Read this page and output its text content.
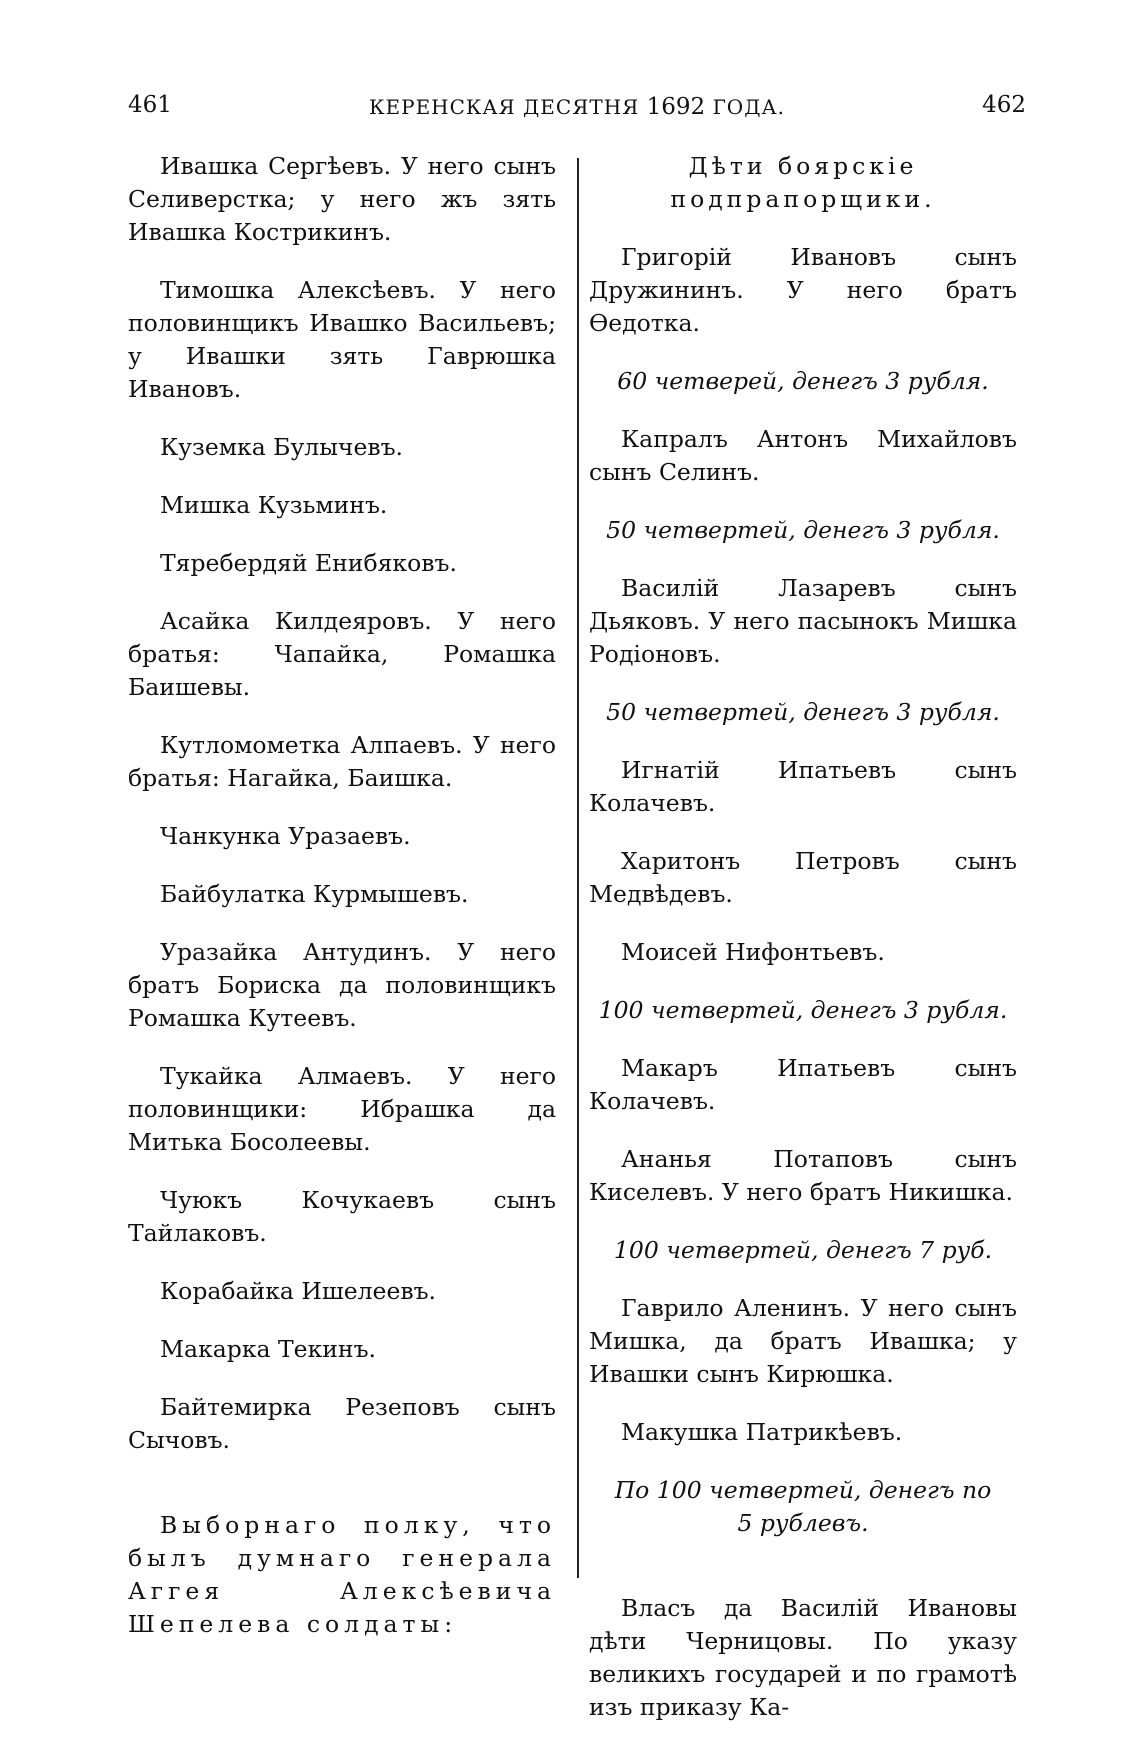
461	КЕРЕНСКАЯ ДЕСЯТНЯ 1692 ГОДА.	462

Ивашка Сергѣевъ. У него сынъ Селиверстка; у него жъ зять Ивашка Кострикинъ.

Тимошка Алексѣевъ. У него половинщикъ Ивашко Васильевъ; у Ивашки зять Гаврюшка Ивановъ.

Куземка Булычевъ.

Мишка Кузьминъ.

Тяребердяй Енибяковъ.

Асайка Килдеяровъ. У него братья: Чапайка, Ромашка Баишевы.

Кутломометка Алпаевъ. У него братья: Нагайка, Баишка.

Чанкунка Уразаевъ.

Байбулатка Курмышевъ.

Уразайка Антудинъ. У него братъ Бориска да половинщикъ Ромашка Кутеевъ.

Тукайка Алмаевъ. У него половинщики: Ибрашка да Митька Босолеевы.

Чуюкъ Кочукаевъ сынъ Тайлаковъ.

Корабайка Ишелеевъ.

Макарка Текинъ.

Байтемирка Резеповъ сынъ Сычовъ.

Выборнаго полку, что былъ думнаго генерала Аггея Алексѣевича Шепелева солдаты:

Дѣти боярскіе подпрапорщики.

Григорій Ивановъ сынъ Дружининъ. У него братъ Ѳедотка.

60 четверей, денегъ 3 рубля.

Капралъ Антонъ Михайловъ сынъ Селинъ.

50 четвертей, денегъ 3 рубля.

Василій Лазаревъ сынъ Дьяковъ. У него пасынокъ Мишка Родіоновъ.

50 четвертей, денегъ 3 рубля.

Игнатій Ипатьевъ сынъ Колачевъ.

Харитонъ Петровъ сынъ Медвѣдевъ.

Моисей Нифонтьевъ.

100 четвертей, денегъ 3 рубля.

Макаръ Ипатьевъ сынъ Колачевъ.

Ананья Потаповъ сынъ Киселевъ. У него братъ Никишка.

100 четвертей, денегъ 7 руб.

Гаврило Аленинъ. У него сынъ Мишка, да братъ Ивашка; у Ивашки сынъ Кирюшка.

Макушка Патрикѣевъ.

По 100 четвертей, денегъ по
5 рублевъ.

Власъ да Василій Ивановы дѣти Черницовы. По указу великихъ государей и по грамотѣ изъ приказу Ка-
